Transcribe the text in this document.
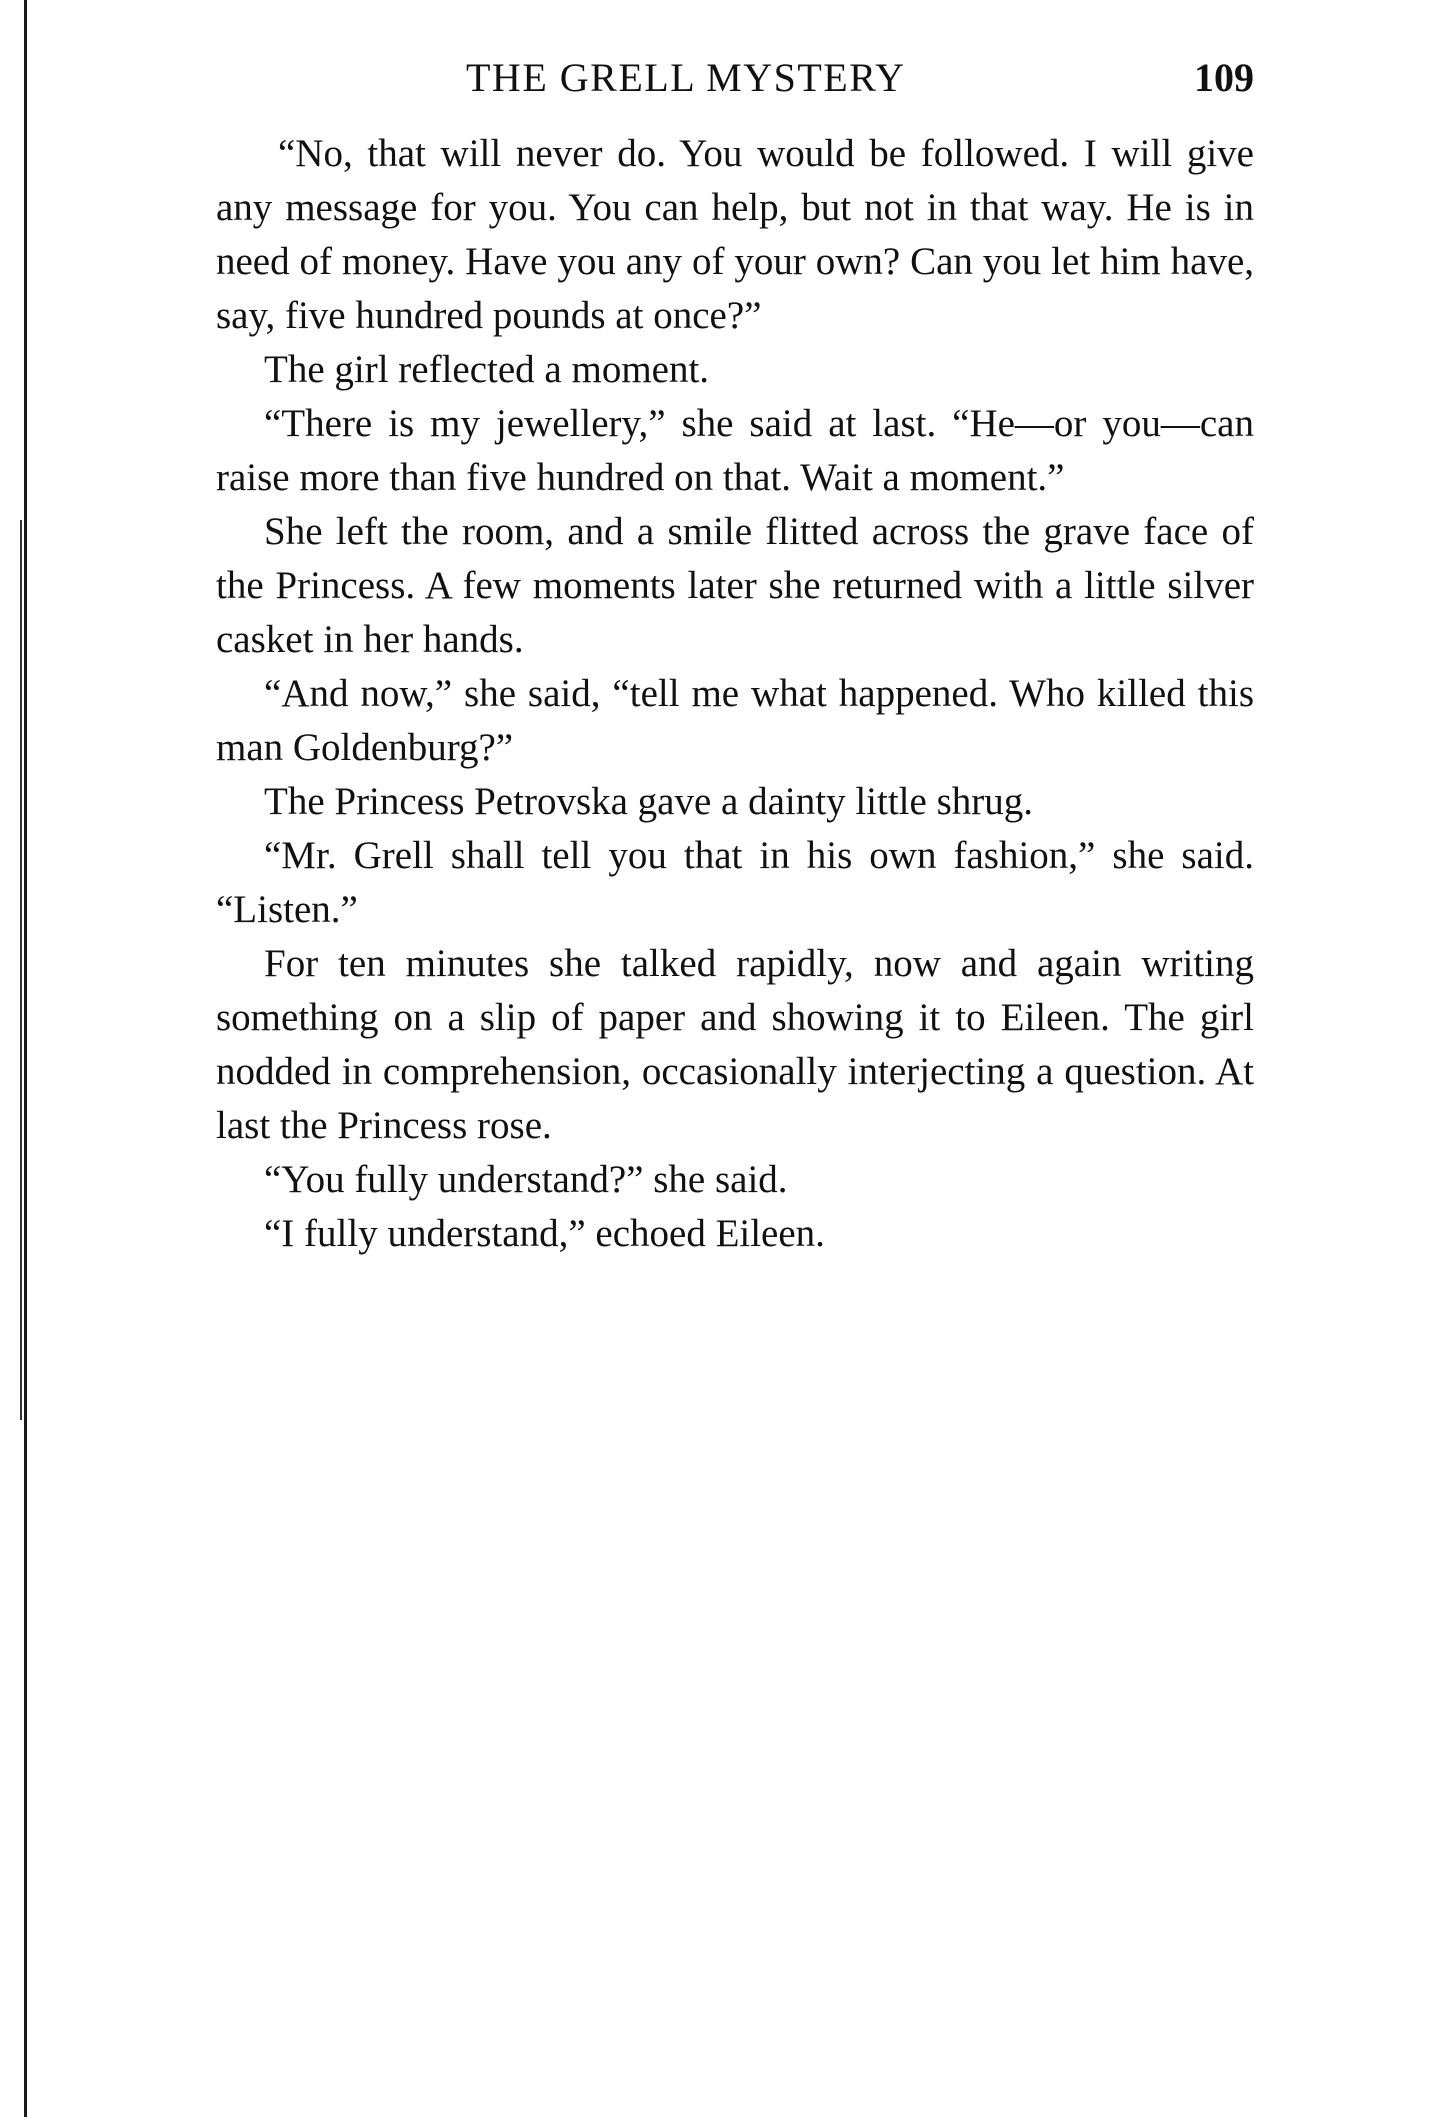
THE GRELL MYSTERY	109

“No, that will never do. You would be followed. I will give any message for you. You can help, but not in that way. He is in need of money. Have you any of your own? Can you let him have, say, five hundred pounds at once?”

The girl reflected a moment.

“There is my jewellery,” she said at last. “He—or you—can raise more than five hundred on that. Wait a moment.”

She left the room, and a smile flitted across the grave face of the Princess. A few moments later she returned with a little silver casket in her hands.

“And now,” she said, “tell me what happened. Who killed this man Goldenburg?”

The Princess Petrovska gave a dainty little shrug.

“Mr. Grell shall tell you that in his own fashion,” she said. “Listen.”

For ten minutes she talked rapidly, now and again writing something on a slip of paper and showing it to Eileen. The girl nodded in comprehension, occasionally interjecting a question. At last the Princess rose.

“You fully understand?” she said.

“I fully understand,” echoed Eileen.
